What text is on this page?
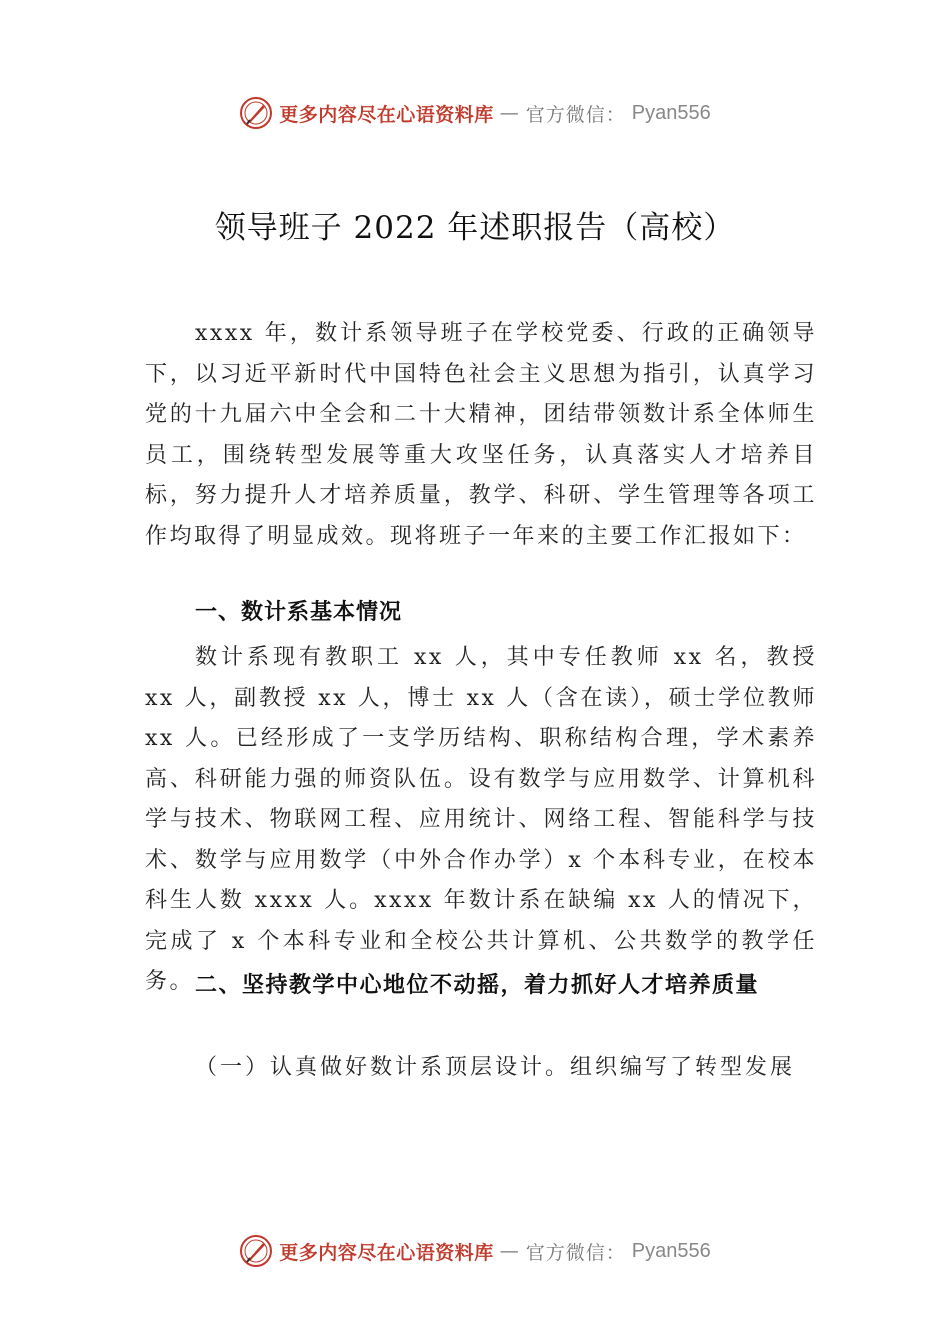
更多内容尽在心语资料库 — 官方微信： Pyan556
领导班子 2022 年述职报告（高校）
xxxx 年，数计系领导班子在学校党委、行政的正确领导下，以习近平新时代中国特色社会主义思想为指引，认真学习党的十九届六中全会和二十大精神，团结带领数计系全体师生员工，围绕转型发展等重大攻坚任务，认真落实人才培养目标，努力提升人才培养质量，教学、科研、学生管理等各项工作均取得了明显成效。现将班子一年来的主要工作汇报如下：
一、数计系基本情况
数计系现有教职工 xx 人，其中专任教师 xx 名，教授 xx 人，副教授 xx 人，博士 xx 人（含在读），硕士学位教师 xx 人。已经形成了一支学历结构、职称结构合理，学术素养高、科研能力强的师资队伍。设有数学与应用数学、计算机科学与技术、物联网工程、应用统计、网络工程、智能科学与技术、数学与应用数学（中外合作办学）x 个本科专业，在校本科生人数 xxxx 人。xxxx 年数计系在缺编 xx 人的情况下， 完成了 x 个本科专业和全校公共计算机、公共数学的教学任务。 二、坚持教学中心地位不动摇，着力抓好人才培养质量
（一）认真做好数计系顶层设计。组织编写了转型发展
更多内容尽在心语资料库 — 官方微信： Pyan556
